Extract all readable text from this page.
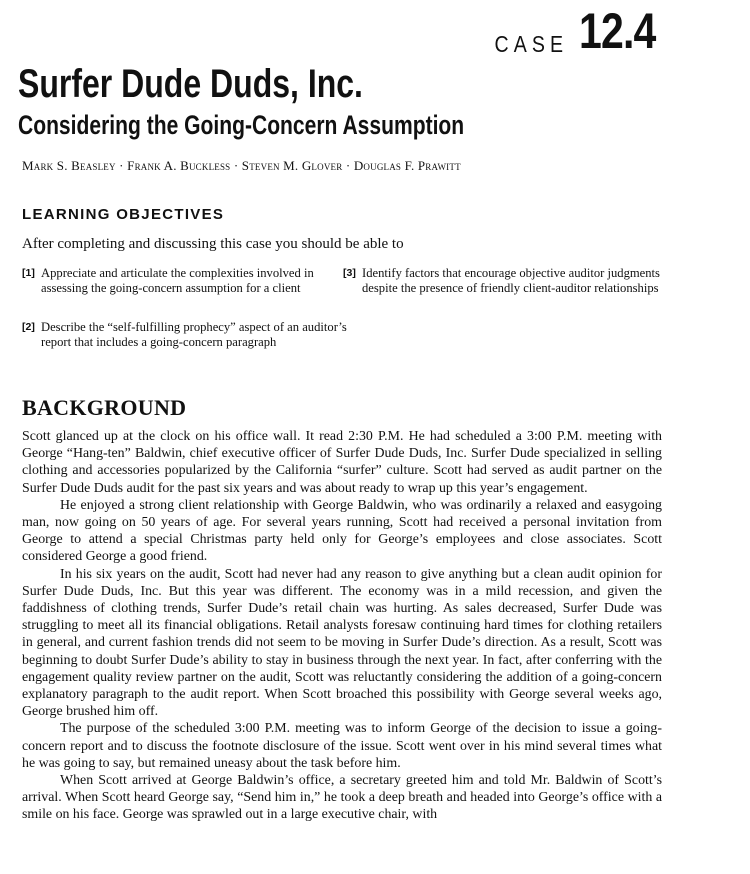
CASE 12.4
Surfer Dude Duds, Inc.
Considering the Going-Concern Assumption
Mark S. Beasley · Frank A. Buckless · Steven M. Glover · Douglas F. Prawitt
LEARNING OBJECTIVES
After completing and discussing this case you should be able to
[1] Appreciate and articulate the complexities involved in assessing the going-concern assumption for a client
[3] Identify factors that encourage objective auditor judgments despite the presence of friendly client-auditor relationships
[2] Describe the “self-fulfilling prophecy” aspect of an auditor’s report that includes a going-concern paragraph
BACKGROUND

Scott glanced up at the clock on his office wall. It read 2:30 P.M. He had scheduled a 3:00 P.M. meeting with George “Hang-ten” Baldwin, chief executive officer of Surfer Dude Duds, Inc. Surfer Dude specialized in selling clothing and accessories popularized by the California “surfer” culture. Scott had served as audit partner on the Surfer Dude Duds audit for the past six years and was about ready to wrap up this year’s engagement.

He enjoyed a strong client relationship with George Baldwin, who was ordinarily a relaxed and easygoing man, now going on 50 years of age. For several years running, Scott had received a personal invitation from George to attend a special Christmas party held only for George’s employees and close associates. Scott considered George a good friend.

In his six years on the audit, Scott had never had any reason to give anything but a clean audit opinion for Surfer Dude Duds, Inc. But this year was different. The economy was in a mild recession, and given the faddishness of clothing trends, Surfer Dude’s retail chain was hurting. As sales decreased, Surfer Dude was struggling to meet all its financial obligations. Retail analysts foresaw continuing hard times for clothing retailers in general, and current fashion trends did not seem to be moving in Surfer Dude’s direction. As a result, Scott was beginning to doubt Surfer Dude’s ability to stay in business through the next year. In fact, after conferring with the engagement quality review partner on the audit, Scott was reluctantly considering the addition of a going-concern explanatory paragraph to the audit report. When Scott broached this possibility with George several weeks ago, George brushed him off.

The purpose of the scheduled 3:00 P.M. meeting was to inform George of the decision to issue a going-concern report and to discuss the footnote disclosure of the issue. Scott went over in his mind several times what he was going to say, but remained uneasy about the task before him.

When Scott arrived at George Baldwin’s office, a secretary greeted him and told Mr. Baldwin of Scott’s arrival. When Scott heard George say, “Send him in,” he took a deep breath and headed into George’s office with a smile on his face. George was sprawled out in a large executive chair, with
